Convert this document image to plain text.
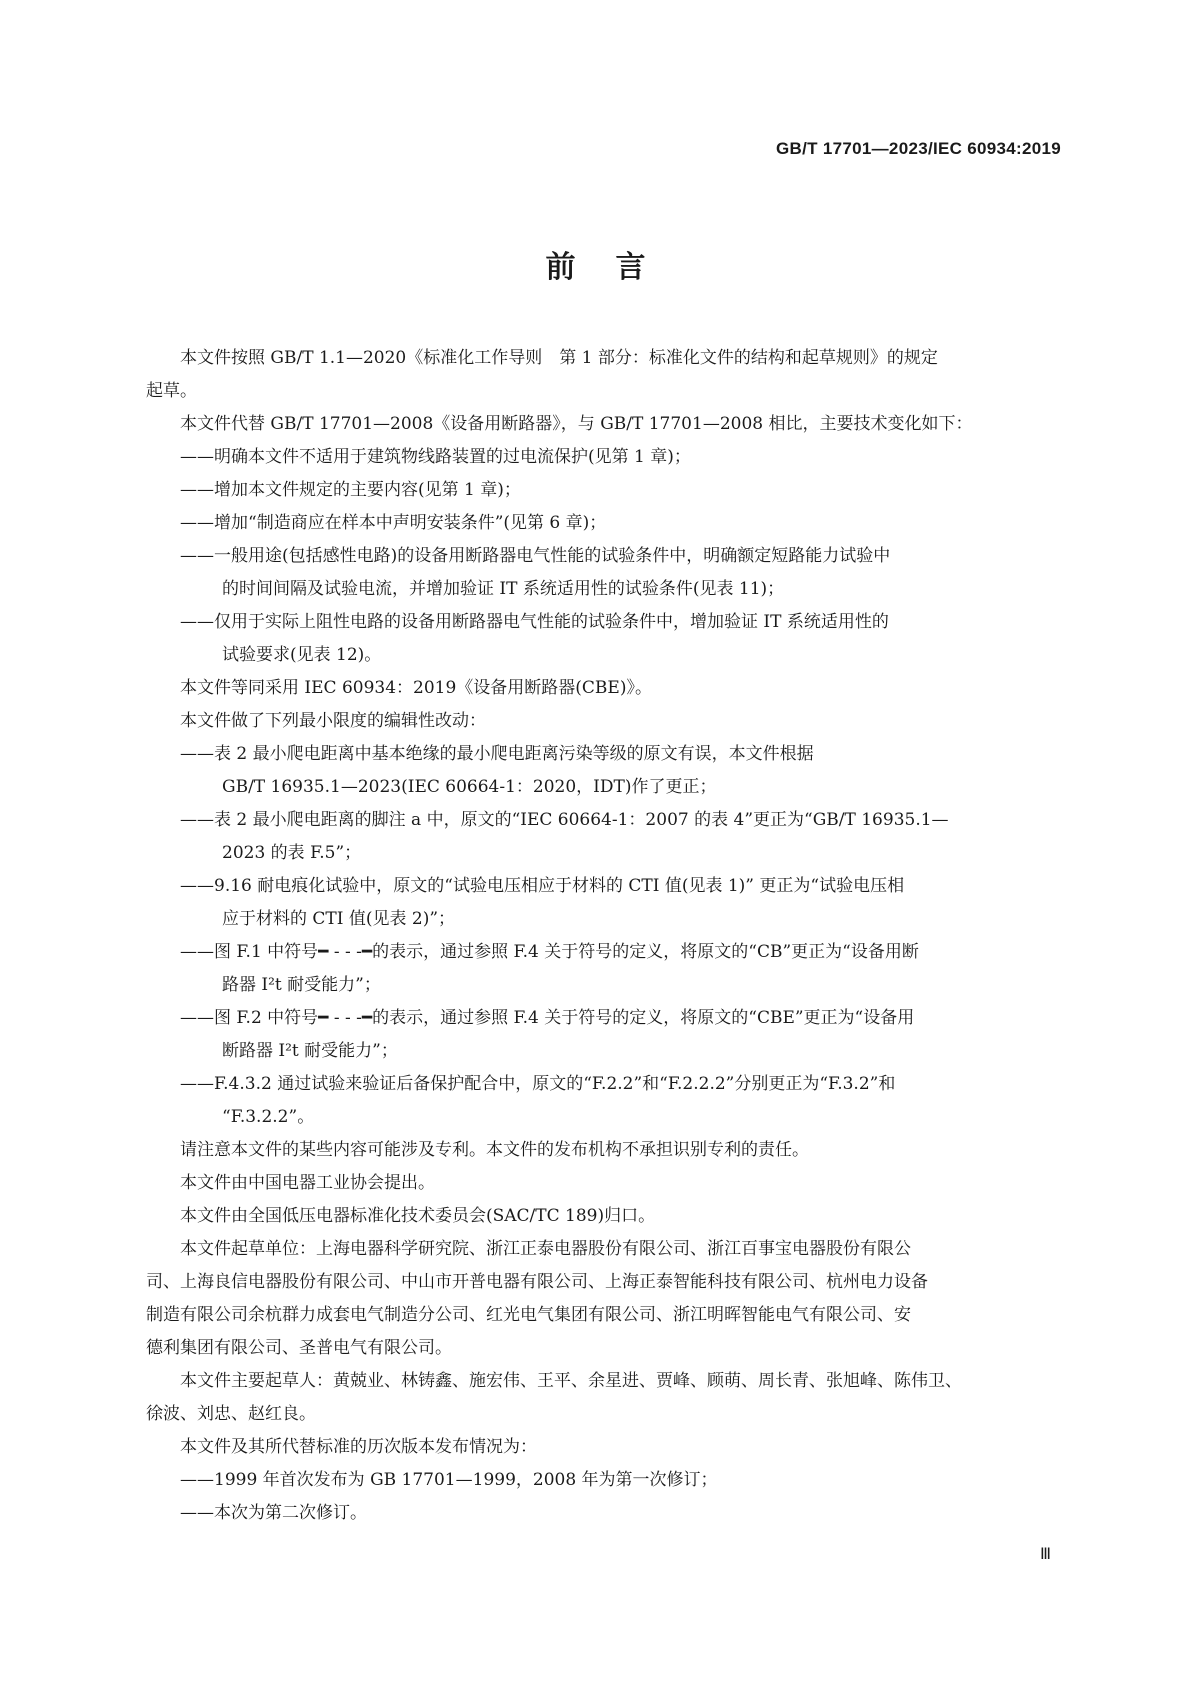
GB/T 17701—2023/IEC 60934:2019
前言
本文件按照 GB/T 1.1—2020《标准化工作导则　第 1 部分：标准化文件的结构和起草规则》的规定
起草。
本文件代替 GB/T 17701—2008《设备用断路器》，与 GB/T 17701—2008 相比，主要技术变化如下：
——明确本文件不适用于建筑物线路装置的过电流保护(见第 1 章)；
——增加本文件规定的主要内容(见第 1 章)；
——增加“制造商应在样本中声明安装条件”(见第 6 章)；
——一般用途(包括感性电路)的设备用断路器电气性能的试验条件中，明确额定短路能力试验中
的时间间隔及试验电流，并增加验证 IT 系统适用性的试验条件(见表 11)；
——仅用于实际上阻性电路的设备用断路器电气性能的试验条件中，增加验证 IT 系统适用性的
试验要求(见表 12)。
本文件等同采用 IEC 60934：2019《设备用断路器(CBE)》。
本文件做了下列最小限度的编辑性改动：
——表 2 最小爬电距离中基本绝缘的最小爬电距离污染等级的原文有误，本文件根据
GB/T 16935.1—2023(IEC 60664-1：2020，IDT)作了更正；
——表 2 最小爬电距离的脚注 a 中，原文的“IEC 60664-1：2007 的表 4”更正为“GB/T 16935.1—
2023 的表 F.5”；
——9.16 耐电痕化试验中，原文的“试验电压相应于材料的 CTI 值(见表 1)” 更正为“试验电压相
应于材料的 CTI 值(见表 2)”；
——图 F.1 中符号━ - - -━的表示，通过参照 F.4 关于符号的定义，将原文的“CB”更正为“设备用断
路器 I²t 耐受能力”；
——图 F.2 中符号━ - - -━的表示，通过参照 F.4 关于符号的定义，将原文的“CBE”更正为“设备用
断路器 I²t 耐受能力”；
——F.4.3.2 通过试验来验证后备保护配合中，原文的“F.2.2”和“F.2.2.2”分别更正为“F.3.2”和
“F.3.2.2”。
请注意本文件的某些内容可能涉及专利。本文件的发布机构不承担识别专利的责任。
本文件由中国电器工业协会提出。
本文件由全国低压电器标准化技术委员会(SAC/TC 189)归口。
本文件起草单位：上海电器科学研究院、浙江正泰电器股份有限公司、浙江百事宝电器股份有限公
司、上海良信电器股份有限公司、中山市开普电器有限公司、上海正泰智能科技有限公司、杭州电力设备
制造有限公司余杭群力成套电气制造分公司、红光电气集团有限公司、浙江明晖智能电气有限公司、安
德利集团有限公司、圣普电气有限公司。
本文件主要起草人：黄兢业、林铸鑫、施宏伟、王平、余星进、贾峰、顾萌、周长青、张旭峰、陈伟卫、
徐波、刘忠、赵红良。
本文件及其所代替标准的历次版本发布情况为：
——1999 年首次发布为 GB 17701—1999，2008 年为第一次修订；
——本次为第二次修订。
Ⅲ
